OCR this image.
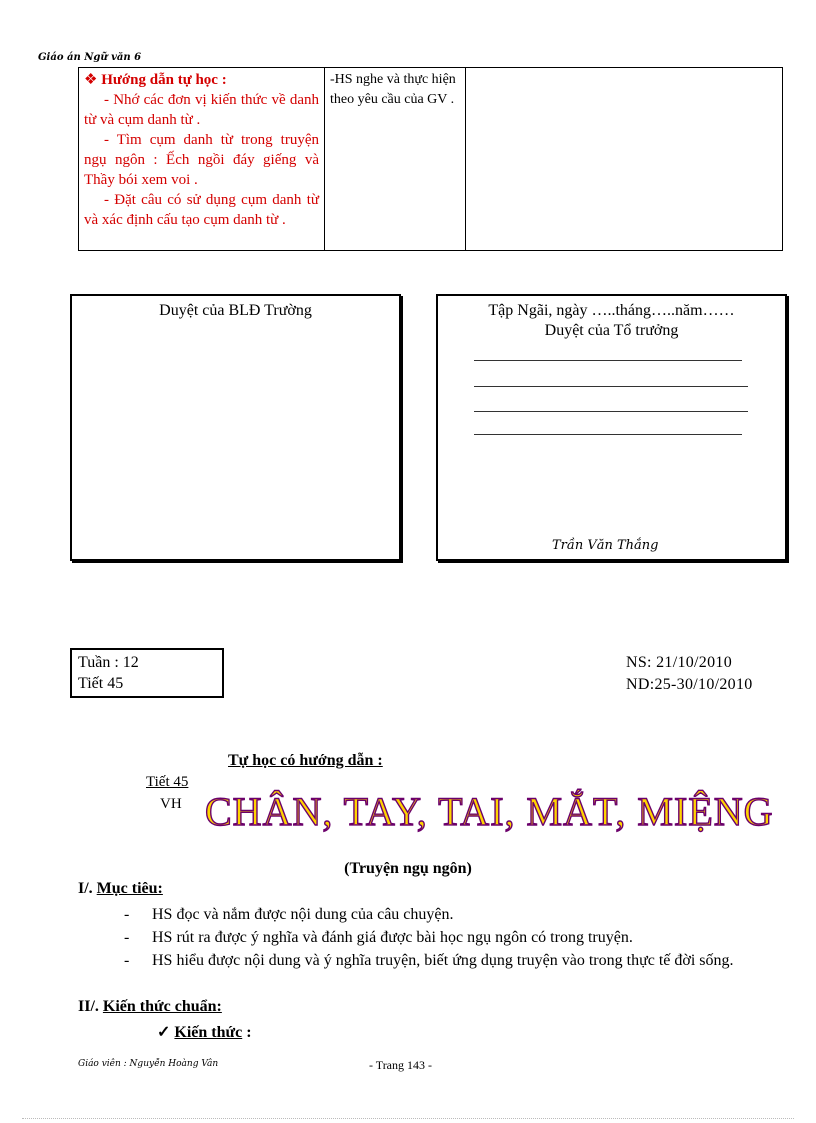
Giáo án Ngữ văn 6
❖ Hướng dẫn tự học :
- Nhớ các đơn vị kiến thức về danh từ và cụm danh từ .
- Tìm cụm danh từ trong truyện ngụ ngôn : Ếch ngồi đáy giếng và Thầy bói xem voi .
- Đặt câu có sử dụng cụm danh từ và xác định cấu tạo cụm danh từ .
	-HS nghe và thực hiện theo yêu cầu của GV .	
Duyệt của BLĐ Trường	Tập Ngãi, ngày …..tháng…..năm……
Duyệt của Tổ trưởng
Trần Văn Thắng
Tuần : 12
Tiết 45
NS: 21/10/2010
ND:25-30/10/2010
Tự học có hướng dẫn :
Tiết 45
VH CHÂN, TAY, TAI, MẮT, MIỆNG
(Truyện ngụ ngôn)
I/. Mục tiêu:
- HS đọc và nắm được nội dung của câu chuyện.
- HS rút ra được ý nghĩa và đánh giá được bài học ngụ ngôn có trong truyện.
- HS hiểu được nội dung và ý nghĩa truyện, biết ứng dụng truyện vào trong thực tế đời sống.
II/. Kiến thức chuẩn:
✓ Kiến thức :
Giáo viên : Nguyễn Hoàng Vân	- Trang 143 -
